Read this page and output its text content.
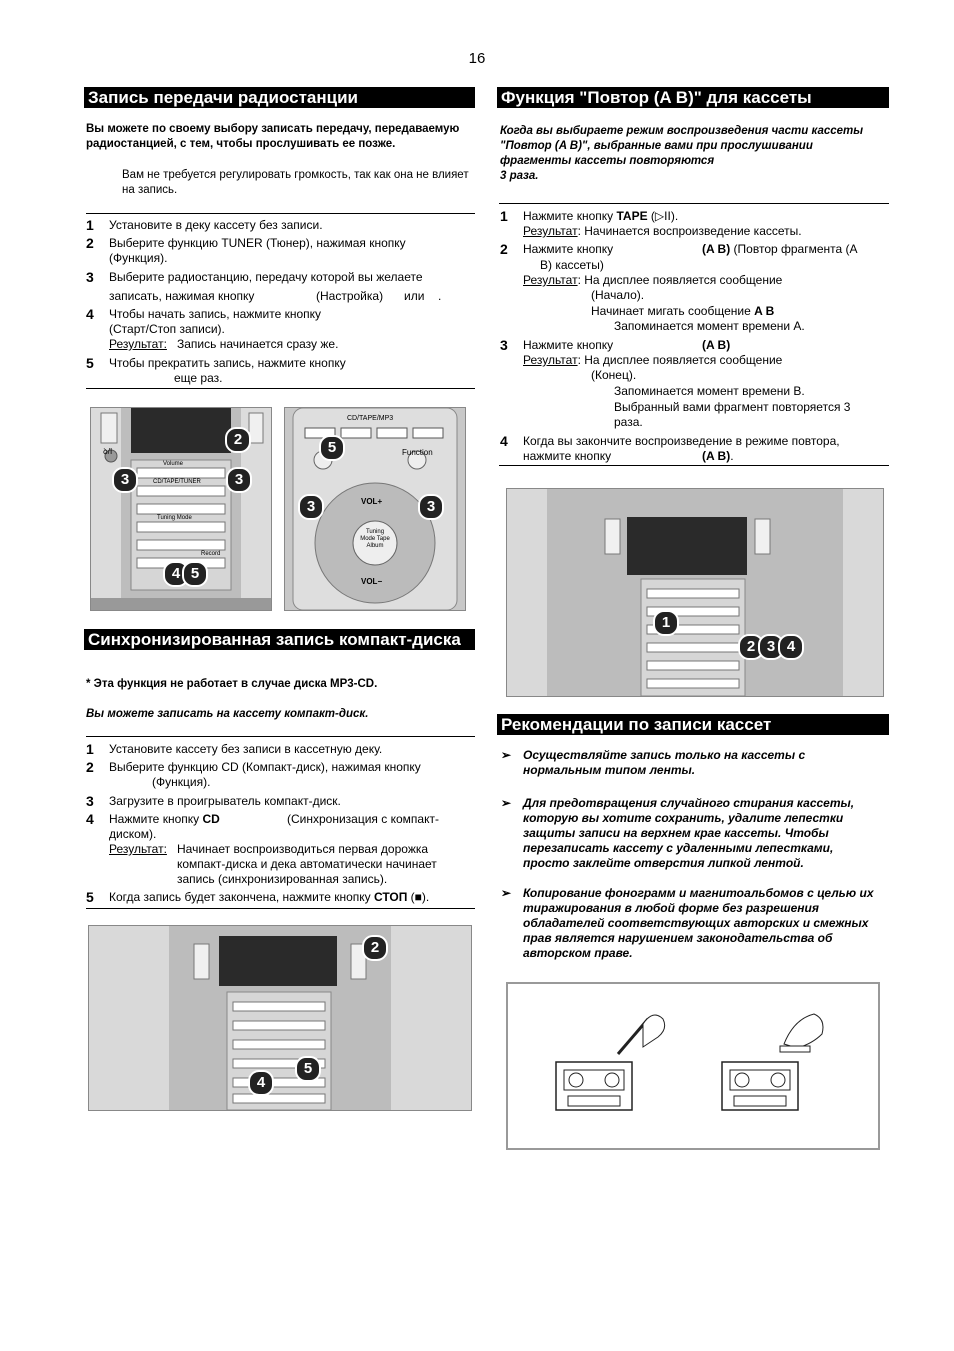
16
Запись передачи радиостанции
Вы можете по своему выбору записать передачу, передаваемую радиостанцией, с тем, чтобы прослушивать ее позже.
Вам не требуется регулировать громкость, так как она не влияет на запись.
1 Установите в деку кассету без записи.
2 Выберите функцию TUNER (Тюнер), нажимая кнопку
(Функция).
3 Выберите радиостанцию, передачу которой вы желаете
записать, нажимая кнопку	(Настройка)	или	.
4 Чтобы начать запись, нажмите кнопку
(Старт/Стоп записи).
Результат: Запись начинается сразу же.
5 Чтобы прекратить запись, нажмите кнопку
еще раз.
ꝺ/I
Volume
CD/TAPE/TUNER
Tuning Mode
Record
2
3	3
4 5
CD/TAPE/MP3
Function
VOL+
VOL−
Tuning Mode Tape Album
5
3	3
Синхронизированная запись компакт-диска
* Эта функция не работает в случае диска MP3-CD.
Вы можете записать на кассету компакт-диск.
1 Установите кассету без записи в кассетную деку.
2 Выберите функцию CD (Компакт-диск), нажимая кнопку
(Функция).
3 Загрузите в проигрыватель компакт-диск.
4 Нажмите кнопку CD	(Синхронизация с компакт-
диском).
Результат: Начинает воспроизводиться первая дорожка компакт-диска и дека автоматически начинает запись (синхронизированная запись).
5 Когда запись будет закончена, нажмите кнопку СТОП (■).
2
5
4
Функция "Повтор (A B)" для кассеты
Когда вы выбираете режим воспроизведения части кассеты "Повтор (A B)", выбранные вами при прослушивании фрагменты кассеты повторяются
3 раза.
1 Нажмите кнопку TAPE (▷II).
Результат: Начинается воспроизведение кассеты.
2 Нажмите кнопку	(A B) (Повтор фрагмента (A
B) кассеты)
Результат: На дисплее появляется сообщение
(Начало).
Начинает мигать сообщение A B
Запоминается момент времени A.
3 Нажмите кнопку	(A B)
Результат: На дисплее появляется сообщение
(Конец).
Запоминается момент времени B.
Выбранный вами фрагмент повторяется 3 раза.
4 Когда вы закончите воспроизведение в режиме повтора,
нажмите кнопку	(A B).
1
2 3 4
Рекомендации по записи кассет
➢ Осуществляйте запись только на кассеты с нормальным типом ленты.
➢ Для предотвращения случайного стирания кассеты, которую вы хотите сохранить, удалите лепестки защиты записи на верхнем крае кассеты. Чтобы перезаписать кассету с удаленными лепестками, просто заклейте отверстия липкой лентой.
➢ Копирование фонограмм и магнитоальбомов с целью их тиражирования в любой форме без разрешения обладателей соответствующих авторских и смежных прав является нарушением законодательства об авторском праве.
